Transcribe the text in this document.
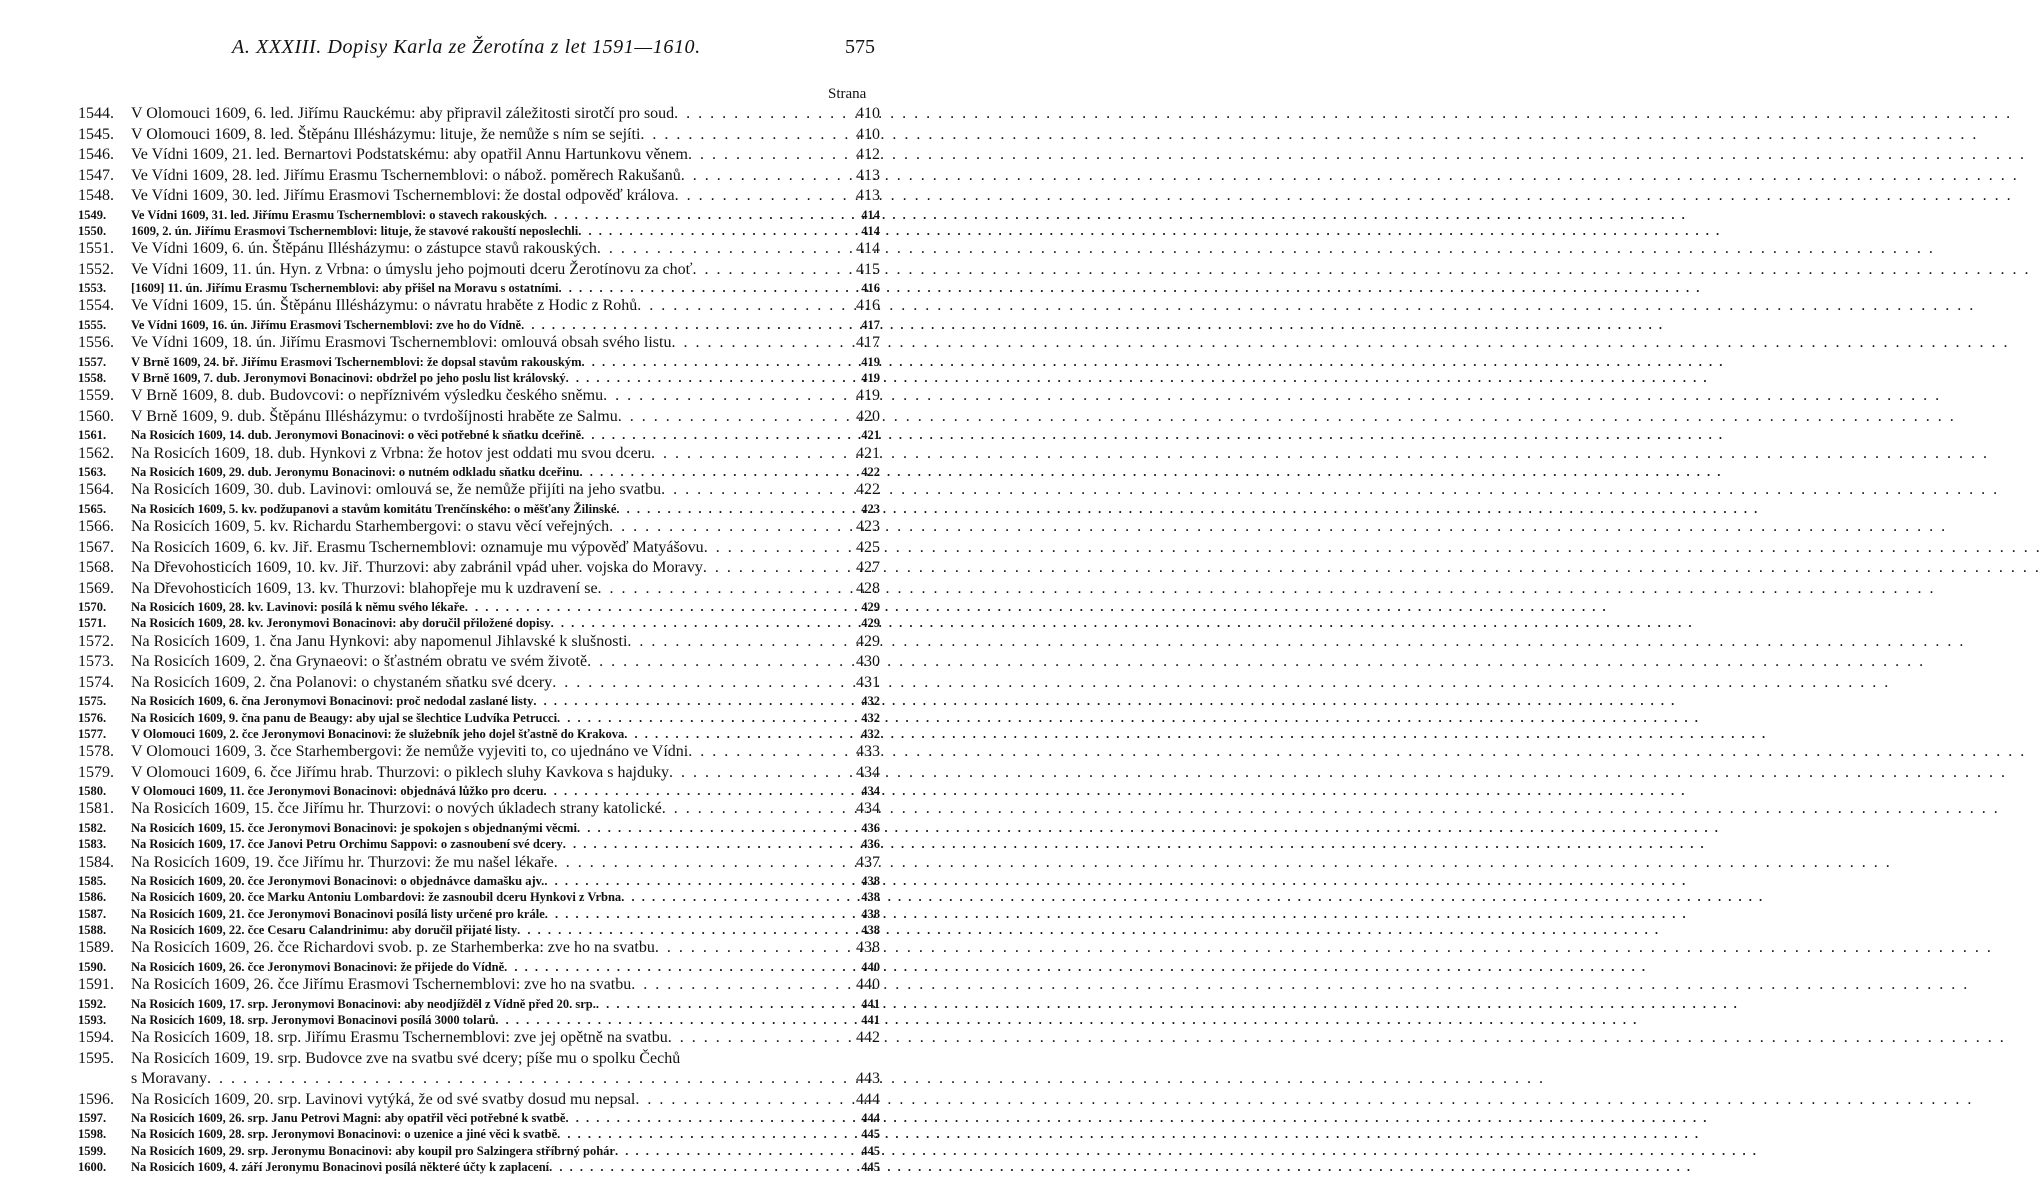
A. XXXIII. Dopisy Karla ze Žerotína z let 1591—1610.	575
Strana
1544.	V Olomouci 1609, 6. led. Jiřímu Rauckému: aby připravil záležitosti sirotčí pro soud . . .	410
1545.	V Olomouci 1609, 8. led. Štěpánu Illésházymu: lituje, že nemůže s ním se sejíti . . .	410
1546.	Ve Vídni 1609, 21. led. Bernartovi Podstatskému: aby opatřil Annu Hartunkovu věnem . . .	412
1547.	Ve Vídni 1609, 28. led. Jiřímu Erasmu Tschernemblovi: o nábož. poměrech Rakušanů . . .	413
1548.	Ve Vídni 1609, 30. led. Jiřímu Erasmovi Tschernemblovi: že dostal odpověď králova . . .	413
1549.	Ve Vídni 1609, 31. led. Jiřímu Erasmu Tschernemblovi: o stavech rakouských . . .	414
1550.	1609, 2. ún. Jiřímu Erasmovi Tschernemblovi: lituje, že stavové rakouští neposlechli . . .	414
1551.	Ve Vídni 1609, 6. ún. Štěpánu Illésházymu: o zástupce stavů rakouských . . .	414
1552.	Ve Vídni 1609, 11. ún. Hyn. z Vrbna: o úmyslu jeho pojmouti dceru Žerotínovu za choť . . .	415
1553.	[1609] 11. ún. Jiřímu Erasmu Tschernemblovi: aby přišel na Moravu s ostatními . . .	416
1554.	Ve Vídni 1609, 15. ún. Štěpánu Illésházymu: o návratu hraběte z Hodic z Rohů . . .	416
1555.	Ve Vídni 1609, 16. ún. Jiřímu Erasmovi Tschernemblovi: zve ho do Vídně . . .	417
1556.	Ve Vídni 1609, 18. ún. Jiřímu Erasmovi Tschernemblovi: omlouvá obsah svého listu . . .	417
1557.	V Brně 1609, 24. bř. Jiřímu Erasmovi Tschernemblovi: že dopsal stavům rakouským . . .	419
1558.	V Brně 1609, 7. dub. Jeronymovi Bonacinovi: obdržel po jeho poslu list královský . . .	419
1559.	V Brně 1609, 8. dub. Budovcovi: o nepříznivém výsledku českého sněmu . . .	419
1560.	V Brně 1609, 9. dub. Štěpánu Illésházymu: o tvrdošíjnosti hraběte ze Salmu . . .	420
1561.	Na Rosicích 1609, 14. dub. Jeronymovi Bonacinovi: o věci potřebné k sňatku dceřině . . .	421
1562.	Na Rosicích 1609, 18. dub. Hynkovi z Vrbna: že hotov jest oddati mu svou dceru . . .	421
1563.	Na Rosicích 1609, 29. dub. Jeronymu Bonacinovi: o nutném odkladu sňatku dceřinu . . .	422
1564.	Na Rosicích 1609, 30. dub. Lavinovi: omlouvá se, že nemůže přijíti na jeho svatbu . . .	422
1565.	Na Rosicích 1609, 5. kv. podžupanovi a stavům komitátu Trenčínského: o měšťany Žilinské . . .	423
1566.	Na Rosicích 1609, 5. kv. Richardu Starhembergovi: o stavu věcí veřejných . . .	423
1567.	Na Rosicích 1609, 6. kv. Jiř. Erasmu Tschernemblovi: oznamuje mu výpověď Matyášovu . . .	425
1568.	Na Dřevohosticích 1609, 10. kv. Jiř. Thurzovi: aby zabránil vpád uher. vojska do Moravy . . .	427
1569.	Na Dřevohosticích 1609, 13. kv. Thurzovi: blahopřeje mu k uzdravení se . . .	428
1570.	Na Rosicích 1609, 28. kv. Lavinovi: posílá k němu svého lékaře . . .	429
1571.	Na Rosicích 1609, 28. kv. Jeronymovi Bonacinovi: aby doručil přiložené dopisy . . .	429
1572.	Na Rosicích 1609, 1. čna Janu Hynkovi: aby napomenul Jihlavské k slušnosti . . .	429
1573.	Na Rosicích 1609, 2. čna Grynaeovi: o šťastném obratu ve svém životě . . .	430
1574.	Na Rosicích 1609, 2. čna Polanovi: o chystaném sňatku své dcery . . .	431
1575.	Na Rosicích 1609, 6. čna Jeronymovi Bonacinovi: proč nedodal zaslané listy . . .	432
1576.	Na Rosicích 1609, 9. čna panu de Beaugy: aby ujal se šlechtice Ludvíka Petrucci . . .	432
1577.	V Olomouci 1609, 2. čce Jeronymovi Bonacinovi: že služebník jeho dojel šťastně do Krakova . . .	432
1578.	V Olomouci 1609, 3. čce Starhembergovi: že nemůže vyjeviti to, co ujednáno ve Vídni . . .	433
1579.	V Olomouci 1609, 6. čce Jiřímu hrab. Thurzovi: o piklech sluhy Kavkova s hajduky . . .	434
1580.	V Olomouci 1609, 11. čce Jeronymovi Bonacinovi: objednává lůžko pro dceru . . .	434
1581.	Na Rosicích 1609, 15. čce Jiřímu hr. Thurzovi: o nových úkladech strany katolické . . .	434
1582.	Na Rosicích 1609, 15. čce Jeronymovi Bonacinovi: je spokojen s objednanými věcmi . . .	436
1583.	Na Rosicích 1609, 17. čce Janovi Petru Orchimu Sappovi: o zasnoubení své dcery . . .	436
1584.	Na Rosicích 1609, 19. čce Jiřímu hr. Thurzovi: že mu našel lékaře . . .	437
1585.	Na Rosicích 1609, 20. čce Jeronymovi Bonacinovi: o objednávce damašku ajv. . . .	438
1586.	Na Rosicích 1609, 20. čce Marku Antoniu Lombardovi: že zasnoubil dceru Hynkovi z Vrbna . . .	438
1587.	Na Rosicích 1609, 21. čce Jeronymovi Bonacinovi posílá listy určené pro krále . . .	438
1588.	Na Rosicích 1609, 22. čce Cesaru Calandrinimu: aby doručil přijaté listy . . .	438
1589.	Na Rosicích 1609, 26. čce Richardovi svob. p. ze Starhemberka: zve ho na svatbu . . .	438
1590.	Na Rosicích 1609, 26. čce Jeronymovi Bonacinovi: že přijede do Vídně . . .	440
1591.	Na Rosicích 1609, 26. čce Jiřímu Erasmovi Tschernemblovi: zve ho na svatbu . . .	440
1592.	Na Rosicích 1609, 17. srp. Jeronymovi Bonacinovi: aby neodjížděl z Vídně před 20. srp. . . .	441
1593.	Na Rosicích 1609, 18. srp. Jeronymovi Bonacinovi posílá 3000 tolarů . . .	441
1594.	Na Rosicích 1609, 18. srp. Jiřímu Erasmu Tschernemblovi: zve jej opětně na svatbu . . .	442
1595.	Na Rosicích 1609, 19. srp. Budovce zve na svatbu své dcery; píše mu o spolku Čechů
s Moravany . . .	443
1596.	Na Rosicích 1609, 20. srp. Lavinovi vytýká, že od své svatby dosud mu nepsal . . .	444
1597.	Na Rosicích 1609, 26. srp. Janu Petrovi Magni: aby opatřil věci potřebné k svatbě . . .	444
1598.	Na Rosicích 1609, 28. srp. Jeronymovi Bonacinovi: o uzenice a jiné věci k svatbě . . .	445
1599.	Na Rosicích 1609, 29. srp. Jeronymu Bonacinovi: aby koupil pro Salzingera stříbrný pohár . . .	445
1600.	Na Rosicích 1609, 4. září Jeronymu Bonacinovi posílá některé účty k zaplacení . . .	445
